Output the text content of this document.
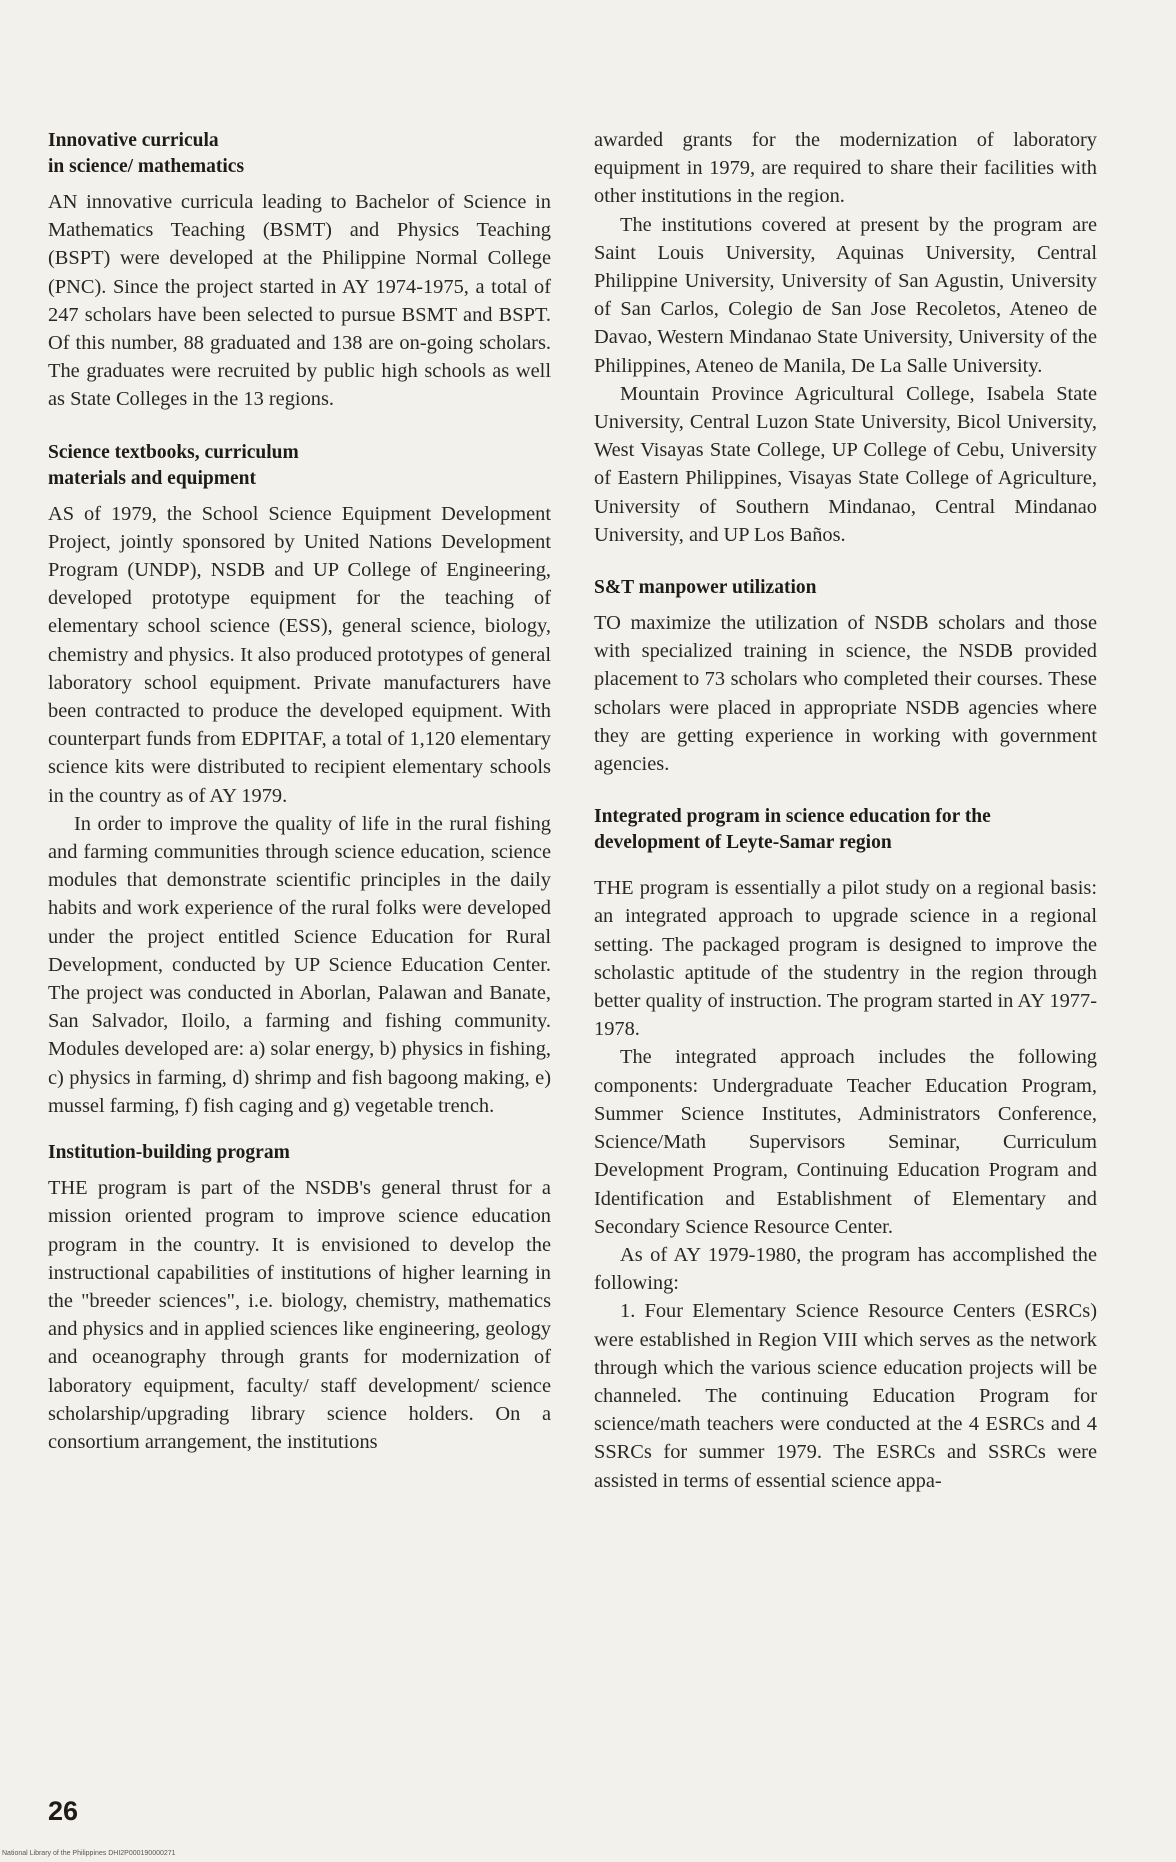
Innovative curricula
in science/ mathematics

AN innovative curricula leading to Bachelor of Science in Mathematics Teaching (BSMT) and Physics Teaching (BSPT) were developed at the Philippine Normal College (PNC). Since the project started in AY 1974-1975, a total of 247 scholars have been selected to pursue BSMT and BSPT. Of this number, 88 graduated and 138 are on-going scholars. The graduates were recruited by public high schools as well as State Colleges in the 13 regions.

Science textbooks, curriculum
materials and equipment

AS of 1979, the School Science Equipment Development Project, jointly sponsored by United Nations Development Program (UNDP), NSDB and UP College of Engineering, developed prototype equipment for the teaching of elementary school science (ESS), general science, biology, chemistry and physics. It also produced prototypes of general laboratory school equipment. Private manufacturers have been contracted to produce the developed equipment. With counterpart funds from EDPITAF, a total of 1,120 elementary science kits were distributed to recipient elementary schools in the country as of AY 1979.

In order to improve the quality of life in the rural fishing and farming communities through science education, science modules that demonstrate scientific principles in the daily habits and work experience of the rural folks were developed under the project entitled Science Education for Rural Development, conducted by UP Science Education Center. The project was conducted in Aborlan, Palawan and Banate, San Salvador, Iloilo, a farming and fishing community. Modules developed are: a) solar energy, b) physics in fishing, c) physics in farming, d) shrimp and fish bagoong making, e) mussel farming, f) fish caging and g) vegetable trench.

Institution-building program

THE program is part of the NSDB's general thrust for a mission oriented program to improve science education program in the country. It is envisioned to develop the instructional capabilities of institutions of higher learning in the "breeder sciences", i.e. biology, chemistry, mathematics and physics and in applied sciences like engineering, geology and oceanography through grants for modernization of laboratory equipment, faculty/ staff development/ science scholarship/upgrading library science holders. On a consortium arrangement, the institutions

awarded grants for the modernization of laboratory equipment in 1979, are required to share their facilities with other institutions in the region.

The institutions covered at present by the program are Saint Louis University, Aquinas University, Central Philippine University, University of San Agustin, University of San Carlos, Colegio de San Jose Recoletos, Ateneo de Davao, Western Mindanao State University, University of the Philippines, Ateneo de Manila, De La Salle University.

Mountain Province Agricultural College, Isabela State University, Central Luzon State University, Bicol University, West Visayas State College, UP College of Cebu, University of Eastern Philippines, Visayas State College of Agriculture, University of Southern Mindanao, Central Mindanao University, and UP Los Baños.

S&T manpower utilization

TO maximize the utilization of NSDB scholars and those with specialized training in science, the NSDB provided placement to 73 scholars who completed their courses. These scholars were placed in appropriate NSDB agencies where they are getting experience in working with government agencies.

Integrated program in science education for the development of Leyte-Samar region

THE program is essentially a pilot study on a regional basis: an integrated approach to upgrade science in a regional setting. The packaged program is designed to improve the scholastic aptitude of the studentry in the region through better quality of instruction. The program started in AY 1977-1978.

The integrated approach includes the following components: Undergraduate Teacher Education Program, Summer Science Institutes, Administrators Conference, Science/Math Supervisors Seminar, Curriculum Development Program, Continuing Education Program and Identification and Establishment of Elementary and Secondary Science Resource Center.

As of AY 1979-1980, the program has accomplished the following:

1. Four Elementary Science Resource Centers (ESRCs) were established in Region VIII which serves as the network through which the various science education projects will be channeled. The continuing Education Program for science/math teachers were conducted at the 4 ESRCs and 4 SSRCs for summer 1979. The ESRCs and SSRCs were assisted in terms of essential science appa-

26
National Library of the Philippines DHI2P000190000271
